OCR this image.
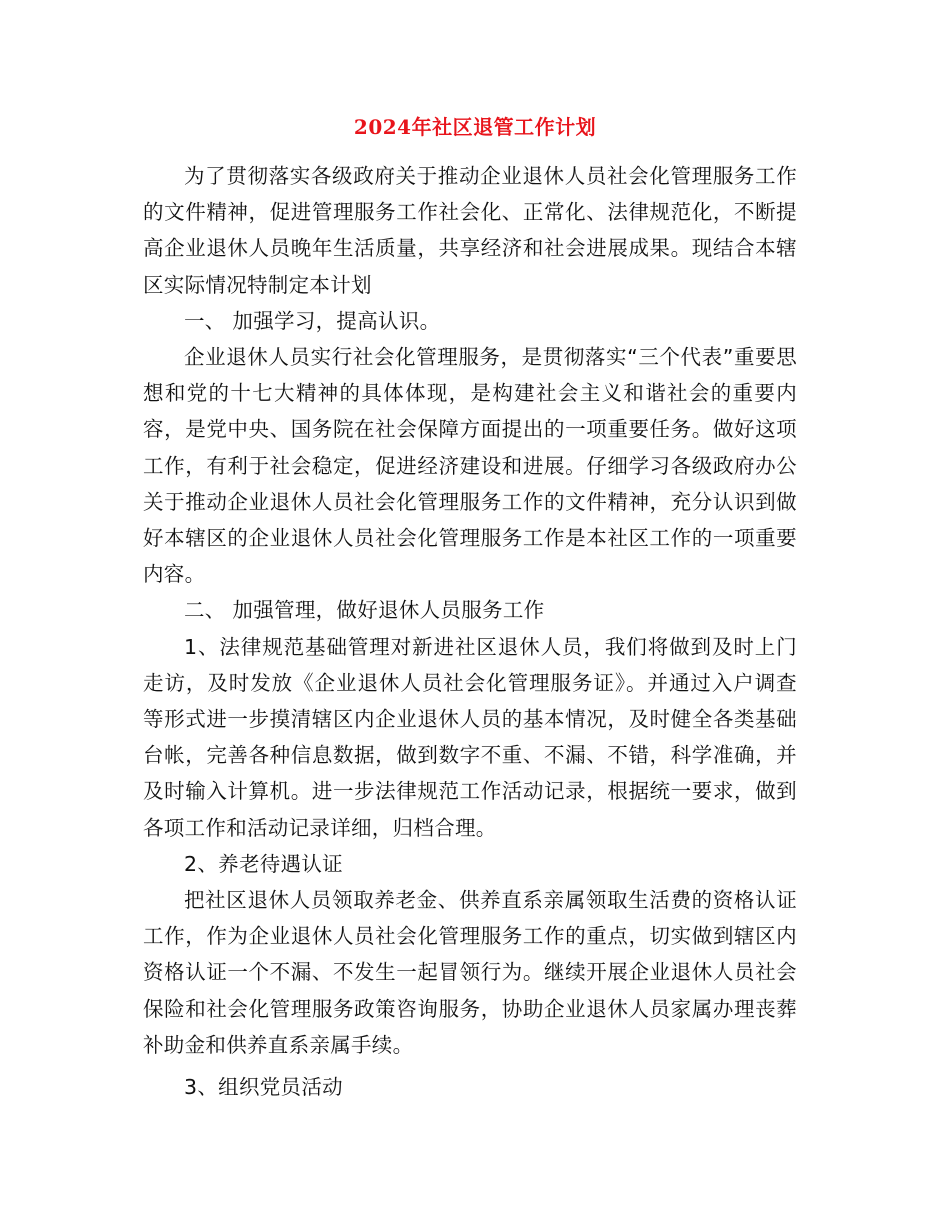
2024年社区退管工作计划

为了贯彻落实各级政府关于推动企业退休人员社会化管理服务工作的文件精神，促进管理服务工作社会化、正常化、法律规范化，不断提高企业退休人员晚年生活质量，共享经济和社会进展成果。现结合本辖区实际情况特制定本计划

一、 加强学习，提高认识。

企业退休人员实行社会化管理服务，是贯彻落实“三个代表”重要思想和党的十七大精神的具体体现，是构建社会主义和谐社会的重要内容，是党中央、国务院在社会保障方面提出的一项重要任务。做好这项工作，有利于社会稳定，促进经济建设和进展。仔细学习各级政府办公关于推动企业退休人员社会化管理服务工作的文件精神，充分认识到做好本辖区的企业退休人员社会化管理服务工作是本社区工作的一项重要内容。

二、 加强管理，做好退休人员服务工作

1、法律规范基础管理对新进社区退休人员，我们将做到及时上门走访，及时发放《企业退休人员社会化管理服务证》。并通过入户调查等形式进一步摸清辖区内企业退休人员的基本情况，及时健全各类基础台帐，完善各种信息数据，做到数字不重、不漏、不错，科学准确，并及时输入计算机。进一步法律规范工作活动记录，根据统一要求，做到各项工作和活动记录详细，归档合理。

2、养老待遇认证

把社区退休人员领取养老金、供养直系亲属领取生活费的资格认证工作，作为企业退休人员社会化管理服务工作的重点，切实做到辖区内资格认证一个不漏、不发生一起冒领行为。继续开展企业退休人员社会保险和社会化管理服务政策咨询服务，协助企业退休人员家属办理丧葬补助金和供养直系亲属手续。

3、组织党员活动
